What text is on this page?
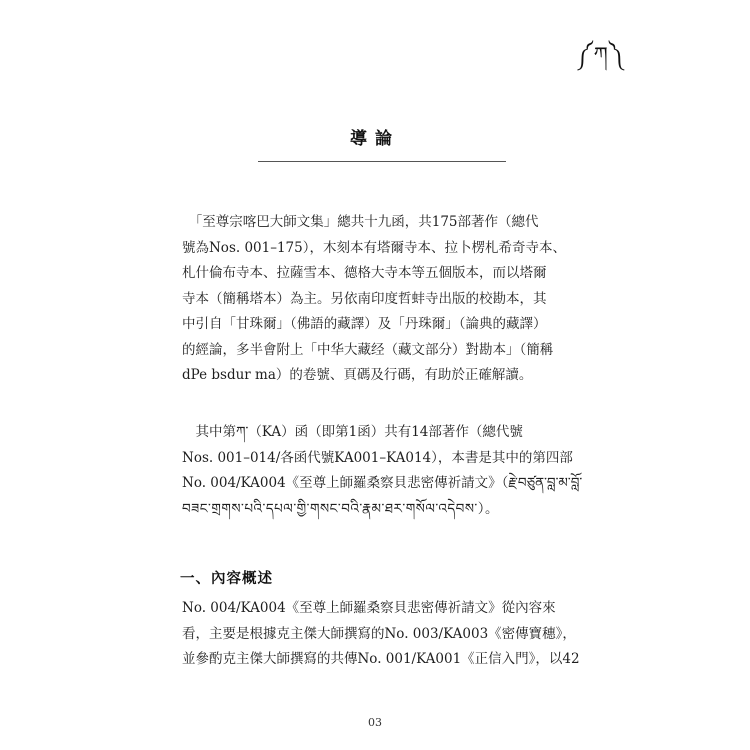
༼ཀ༽
導論
　「至尊宗喀巴大師文集」總共十九函，共175部著作（總代
號為Nos. 001–175），木刻本有塔爾寺本、拉卜楞札希奇寺本、
札什倫布寺本、拉薩雪本、德格大寺本等五個版本，而以塔爾
寺本（簡稱塔本）為主。另依南印度哲蚌寺出版的校勘本，其
中引自「甘珠爾」（佛語的藏譯）及「丹珠爾」（論典的藏譯）
的經論，多半會附上「中华大藏经（藏文部分）對勘本」（簡稱
dPe bsdur ma）的卷號、頁碼及行碼，有助於正確解讀。
　其中第ཀ་（KA）函（即第1函）共有14部著作（總代號
Nos. 001–014/各函代號KA001–KA014），本書是其中的第四部
No. 004/KA004《至尊上師羅桑察貝悲密傳祈請文》（རྗེ་བཙུན་བླ་མ་བློ་
བཟང་གྲགས་པའི་དཔལ་གྱི་གསང་བའི་རྣམ་ཐར་གསོལ་འདེབས་）。
一、內容概述
No. 004/KA004《至尊上師羅桑察貝悲密傳祈請文》從內容來
看，主要是根據克主傑大師撰寫的No. 003/KA003《密傳寶穗》，
並參酌克主傑大師撰寫的共傳No. 001/KA001《正信入門》，以42
03
